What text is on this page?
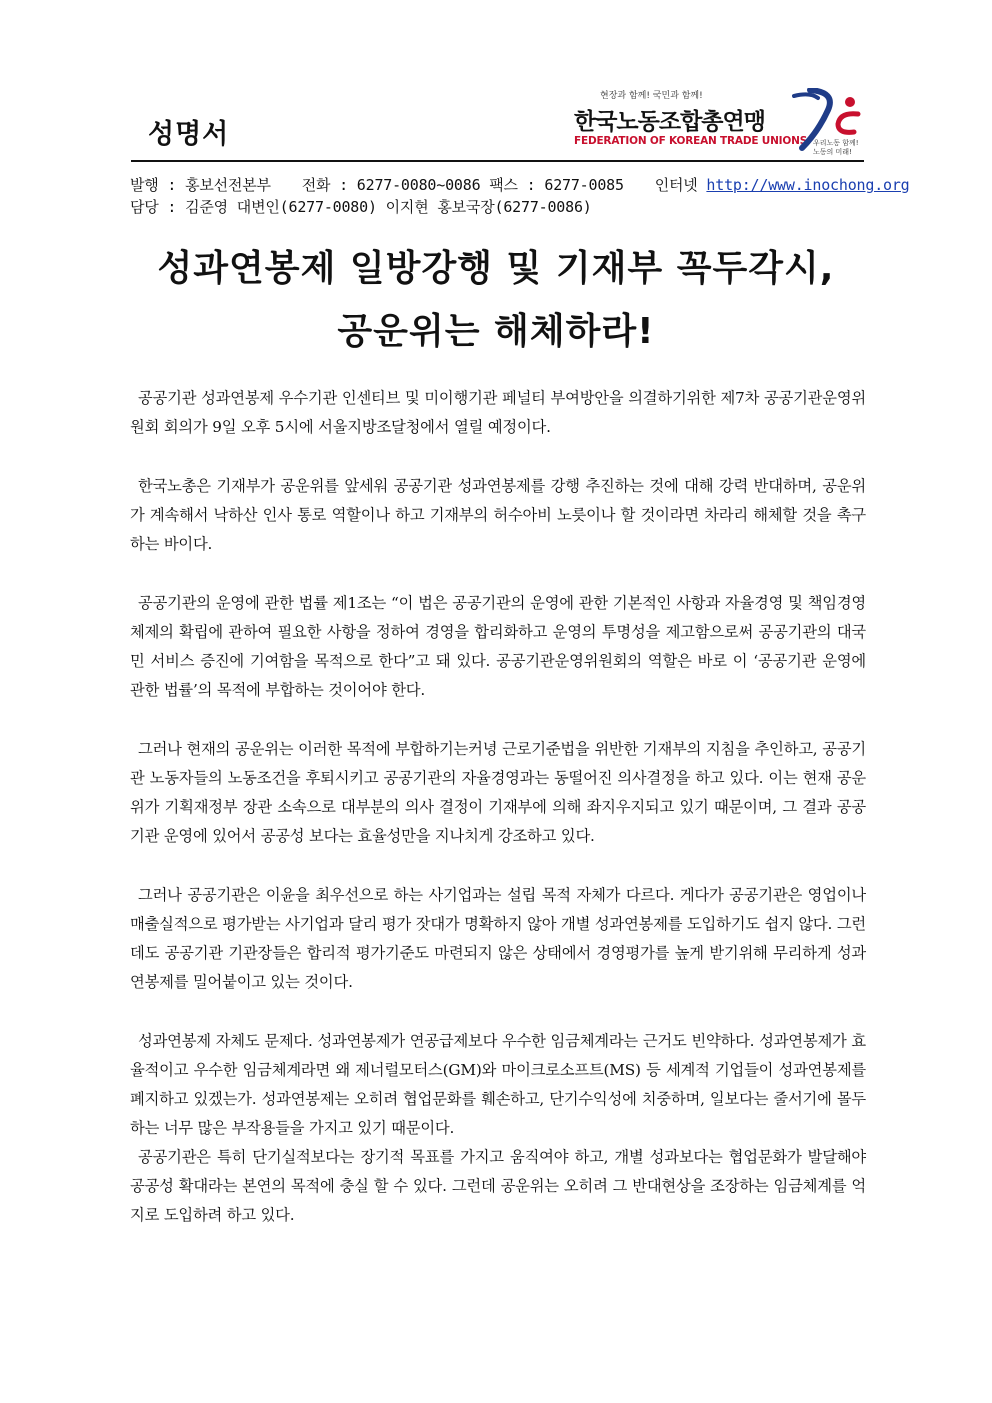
성명서
현장과 함께! 국민과 함께!
한국노동조합총연맹
FEDERATION OF KOREAN TRADE UNIONS 우리노동 함께!
노동의 미래!
발행 : 홍보선전본부 전화 : 6277-0080~0086 팩스 : 6277-0085 인터넷 http://www.inochong.org
담당 : 김준영 대변인(6277-0080) 이지현 홍보국장(6277-0086)
성과연봉제 일방강행 및 기재부 꼭두각시,
공운위는 해체하라!

공공기관 성과연봉제 우수기관 인센티브 및 미이행기관 페널티 부여방안을 의결하기위한 제7차 공공기관운영위원회 회의가 9일 오후 5시에 서울지방조달청에서 열릴 예정이다.

한국노총은 기재부가 공운위를 앞세워 공공기관 성과연봉제를 강행 추진하는 것에 대해 강력 반대하며, 공운위가 계속해서 낙하산 인사 통로 역할이나 하고 기재부의 허수아비 노릇이나 할 것이라면 차라리 해체할 것을 촉구하는 바이다.

공공기관의 운영에 관한 법률 제1조는 “이 법은 공공기관의 운영에 관한 기본적인 사항과 자율경영 및 책임경영체제의 확립에 관하여 필요한 사항을 정하여 경영을 합리화하고 운영의 투명성을 제고함으로써 공공기관의 대국민 서비스 증진에 기여함을 목적으로 한다”고 돼 있다. 공공기관운영위원회의 역할은 바로 이 ‘공공기관 운영에 관한 법률’의 목적에 부합하는 것이어야 한다.

그러나 현재의 공운위는 이러한 목적에 부합하기는커녕 근로기준법을 위반한 기재부의 지침을 추인하고, 공공기관 노동자들의 노동조건을 후퇴시키고 공공기관의 자율경영과는 동떨어진 의사결정을 하고 있다. 이는 현재 공운위가 기획재정부 장관 소속으로 대부분의 의사 결정이 기재부에 의해 좌지우지되고 있기 때문이며, 그 결과 공공기관 운영에 있어서 공공성 보다는 효율성만을 지나치게 강조하고 있다.

그러나 공공기관은 이윤을 최우선으로 하는 사기업과는 설립 목적 자체가 다르다. 게다가 공공기관은 영업이나 매출실적으로 평가받는 사기업과 달리 평가 잣대가 명확하지 않아 개별 성과연봉제를 도입하기도 쉽지 않다. 그런데도 공공기관 기관장들은 합리적 평가기준도 마련되지 않은 상태에서 경영평가를 높게 받기위해 무리하게 성과연봉제를 밀어붙이고 있는 것이다.

성과연봉제 자체도 문제다. 성과연봉제가 연공급제보다 우수한 임금체계라는 근거도 빈약하다. 성과연봉제가 효율적이고 우수한 임금체계라면 왜 제너럴모터스(GM)와 마이크로소프트(MS) 등 세계적 기업들이 성과연봉제를 폐지하고 있겠는가. 성과연봉제는 오히려 협업문화를 훼손하고, 단기수익성에 치중하며, 일보다는 줄서기에 몰두하는 너무 많은 부작용들을 가지고 있기 때문이다.

공공기관은 특히 단기실적보다는 장기적 목표를 가지고 움직여야 하고, 개별 성과보다는 협업문화가 발달해야 공공성 확대라는 본연의 목적에 충실 할 수 있다. 그런데 공운위는 오히려 그 반대현상을 조장하는 임금체계를 억지로 도입하려 하고 있다.
